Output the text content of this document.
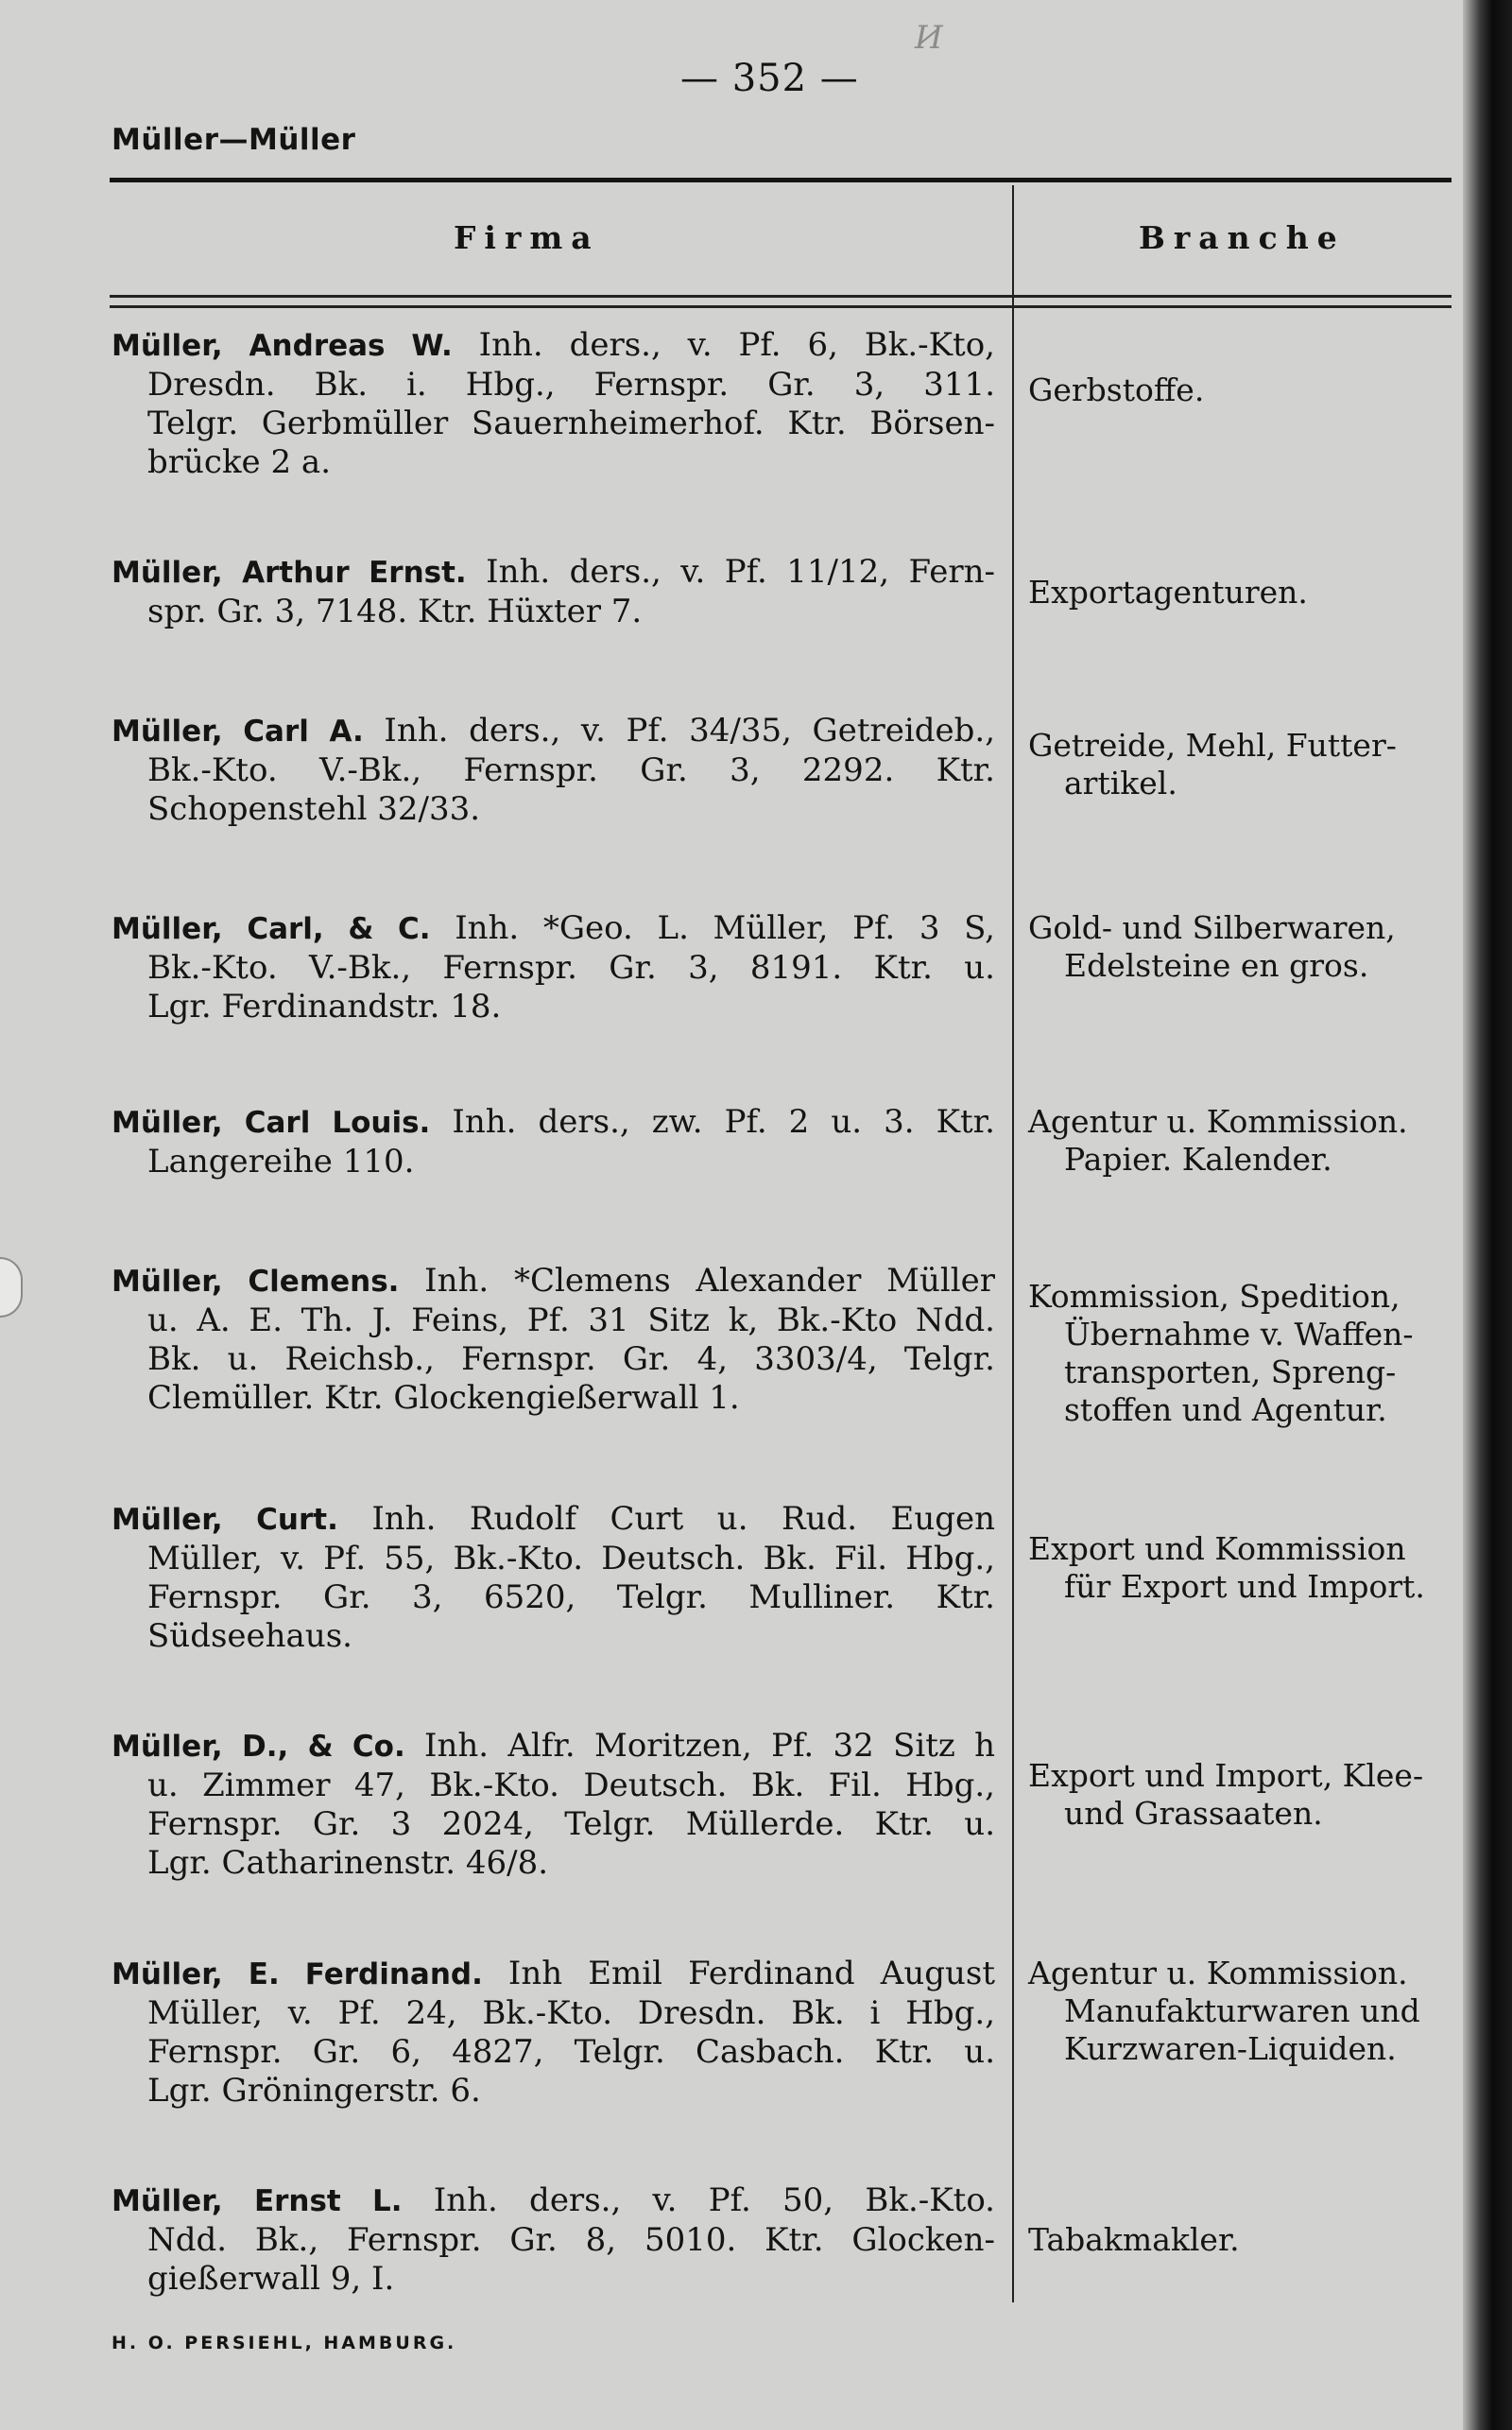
— 352 —
И
Müller—Müller
Firma	Branche
Müller, Andreas W. Inh. ders., v. Pf. 6, Bk.-Kto,
Dresdn. Bk. i. Hbg., Fernspr. Gr. 3, 311.
Telgr. Gerbmüller Sauernheimerhof. Ktr. Börsen-
brücke 2 a.
Gerbstoffe.
Müller, Arthur Ernst. Inh. ders., v. Pf. 11/12, Fern-
spr. Gr. 3, 7148. Ktr. Hüxter 7.
Exportagenturen.
Müller, Carl A. Inh. ders., v. Pf. 34/35, Getreideb.,
Bk.-Kto. V.-Bk., Fernspr. Gr. 3, 2292. Ktr.
Schopenstehl 32/33.
Getreide, Mehl, Futter-
artikel.
Müller, Carl, & C. Inh. *Geo. L. Müller, Pf. 3 S,
Bk.-Kto. V.-Bk., Fernspr. Gr. 3, 8191. Ktr. u.
Lgr. Ferdinandstr. 18.
Gold- und Silberwaren,
Edelsteine en gros.
Müller, Carl Louis. Inh. ders., zw. Pf. 2 u. 3. Ktr.
Langereihe 110.
Agentur u. Kommission.
Papier. Kalender.
Müller, Clemens. Inh. *Clemens Alexander Müller
u. A. E. Th. J. Feins, Pf. 31 Sitz k, Bk.-Kto Ndd.
Bk. u. Reichsb., Fernspr. Gr. 4, 3303/4, Telgr.
Clemüller. Ktr. Glockengießerwall 1.
Kommission, Spedition,
Übernahme v. Waffen-
transporten, Spreng-
stoffen und Agentur.
Müller, Curt. Inh. Rudolf Curt u. Rud. Eugen
Müller, v. Pf. 55, Bk.-Kto. Deutsch. Bk. Fil. Hbg.,
Fernspr. Gr. 3, 6520, Telgr. Mulliner. Ktr.
Südseehaus.
Export und Kommission
für Export und Import.
Müller, D., & Co. Inh. Alfr. Moritzen, Pf. 32 Sitz h
u. Zimmer 47, Bk.-Kto. Deutsch. Bk. Fil. Hbg.,
Fernspr. Gr. 3 2024, Telgr. Müllerde. Ktr. u.
Lgr. Catharinenstr. 46/8.
Export und Import, Klee-
und Grassaaten.
Müller, E. Ferdinand. Inh Emil Ferdinand August
Müller, v. Pf. 24, Bk.-Kto. Dresdn. Bk. i Hbg.,
Fernspr. Gr. 6, 4827, Telgr. Casbach. Ktr. u.
Lgr. Gröningerstr. 6.
Agentur u. Kommission.
Manufakturwaren und
Kurzwaren-Liquiden.
Müller, Ernst L. Inh. ders., v. Pf. 50, Bk.-Kto.
Ndd. Bk., Fernspr. Gr. 8, 5010. Ktr. Glocken-
gießerwall 9, I.
Tabakmakler.
H. O. PERSIEHL, HAMBURG.
